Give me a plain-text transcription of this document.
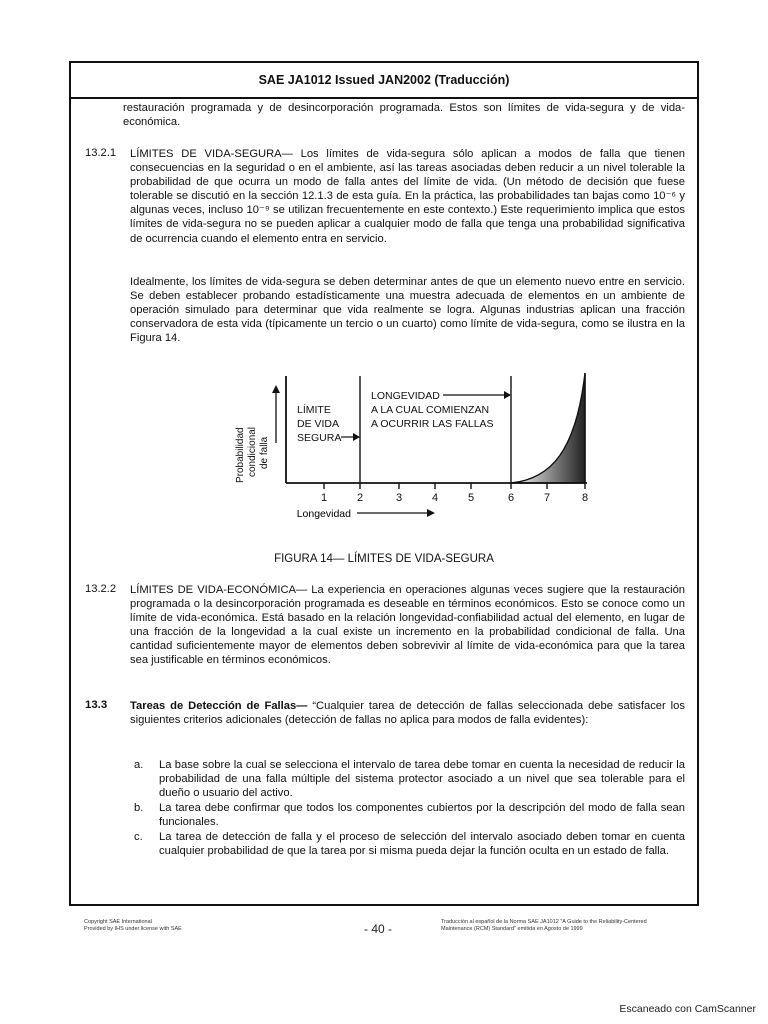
SAE JA1012 Issued JAN2002 (Traducción)
restauración programada y de desincorporación programada. Estos son límites de vida-segura y de vida-económica.
13.2.1 LÍMITES DE VIDA-SEGURA— Los límites de vida-segura sólo aplican a modos de falla que tienen consecuencias en la seguridad o en el ambiente, así las tareas asociadas deben reducir a un nivel tolerable la probabilidad de que ocurra un modo de falla antes del límite de vida. (Un método de decisión que fuese tolerable se discutió en la sección 12.1.3 de esta guía. En la práctica, las probabilidades tan bajas como 10⁻⁶ y algunas veces, incluso 10⁻⁹ se utilizan frecuentemente en este contexto.) Este requerimiento implica que estos límites de vida-segura no se pueden aplicar a cualquier modo de falla que tenga una probabilidad significativa de ocurrencia cuando el elemento entra en servicio.
Idealmente, los límites de vida-segura se deben determinar antes de que un elemento nuevo entre en servicio. Se deben establecer probando estadísticamente una muestra adecuada de elementos en un ambiente de operación simulado para determinar que vida realmente se logra. Algunas industrias aplican una fracción conservadora de esta vida (típicamente un tercio o un cuarto) como límite de vida-segura, como se ilustra en la Figura 14.
1	2	3	4	5	6	7	8
Longevidad
Probabilidad condicional de falla
LÍMITE
DE VIDA
SEGURA
LONGEVIDAD
A LA CUAL COMIENZAN
A OCURRIR LAS FALLAS
FIGURA 14— LÍMITES DE VIDA-SEGURA
13.2.2 LÍMITES DE VIDA-ECONÓMICA— La experiencia en operaciones algunas veces sugiere que la restauración programada o la desincorporación programada es deseable en términos económicos. Esto se conoce como un límite de vida-económica. Está basado en la relación longevidad-confiabilidad actual del elemento, en lugar de una fracción de la longevidad a la cual existe un incremento en la probabilidad condicional de falla. Una cantidad suficientemente mayor de elementos deben sobrevivir al límite de vida-económica para que la tarea sea justificable en términos económicos.
13.3 Tareas de Detección de Fallas— “Cualquier tarea de detección de fallas seleccionada debe satisfacer los siguientes criterios adicionales (detección de fallas no aplica para modos de falla evidentes):
a. La base sobre la cual se selecciona el intervalo de tarea debe tomar en cuenta la necesidad de reducir la probabilidad de una falla múltiple del sistema protector asociado a un nivel que sea tolerable para el dueño o usuario del activo.
b. La tarea debe confirmar que todos los componentes cubiertos por la descripción del modo de falla sean funcionales.
c. La tarea de detección de falla y el proceso de selección del intervalo asociado deben tomar en cuenta cualquier probabilidad de que la tarea por si misma pueda dejar la función oculta en un estado de falla.
Copyright SAE International
Provided by IHS under license with SAE	- 40 -	Traducción al español de la Norma SAE JA1012 "A Guide to the Reliability-Centered
Maintenance (RCM) Standard" emitida en Agosto de 1999
Escaneado con CamScanner
